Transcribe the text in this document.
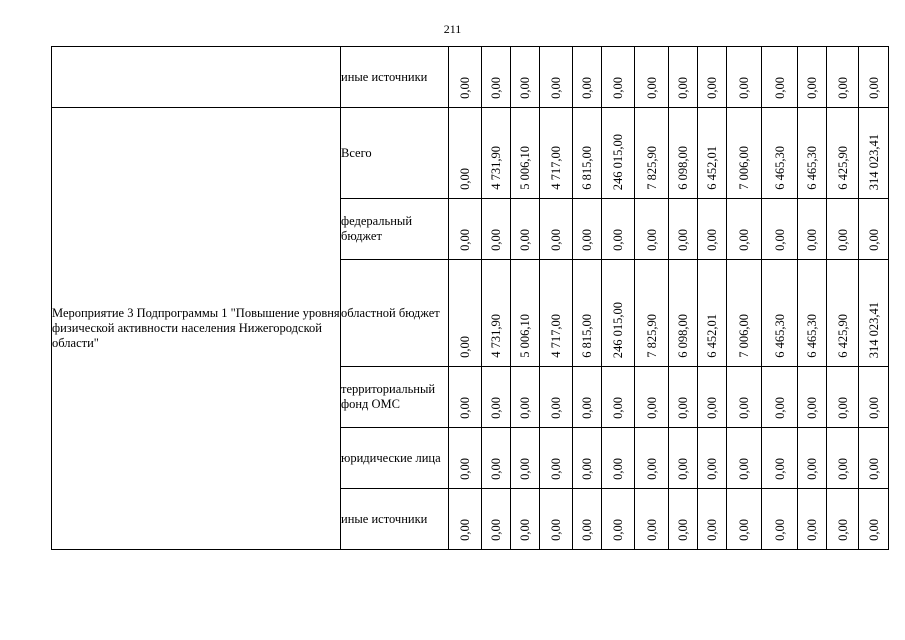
211
	иные источники	0,00	0,00	0,00	0,00	0,00	0,00	0,00	0,00	0,00	0,00	0,00	0,00	0,00	0,00

Мероприятие 3 Подпрограммы 1 "Повышение уровня физической активности населения Нижегородской области"	Всего	0,00	4 731,90	5 006,10	4 717,00	6 815,00	246 015,00	7 825,90	6 098,00	6 452,01	7 006,00	6 465,30	6 465,30	6 425,90	314 023,41

	федеральный бюджет	0,00	0,00	0,00	0,00	0,00	0,00	0,00	0,00	0,00	0,00	0,00	0,00	0,00	0,00

	областной бюджет	0,00	4 731,90	5 006,10	4 717,00	6 815,00	246 015,00	7 825,90	6 098,00	6 452,01	7 006,00	6 465,30	6 465,30	6 425,90	314 023,41

	территориальный фонд ОМС	0,00	0,00	0,00	0,00	0,00	0,00	0,00	0,00	0,00	0,00	0,00	0,00	0,00	0,00

	юридические лица	0,00	0,00	0,00	0,00	0,00	0,00	0,00	0,00	0,00	0,00	0,00	0,00	0,00	0,00

	иные источники	0,00	0,00	0,00	0,00	0,00	0,00	0,00	0,00	0,00	0,00	0,00	0,00	0,00	0,00
